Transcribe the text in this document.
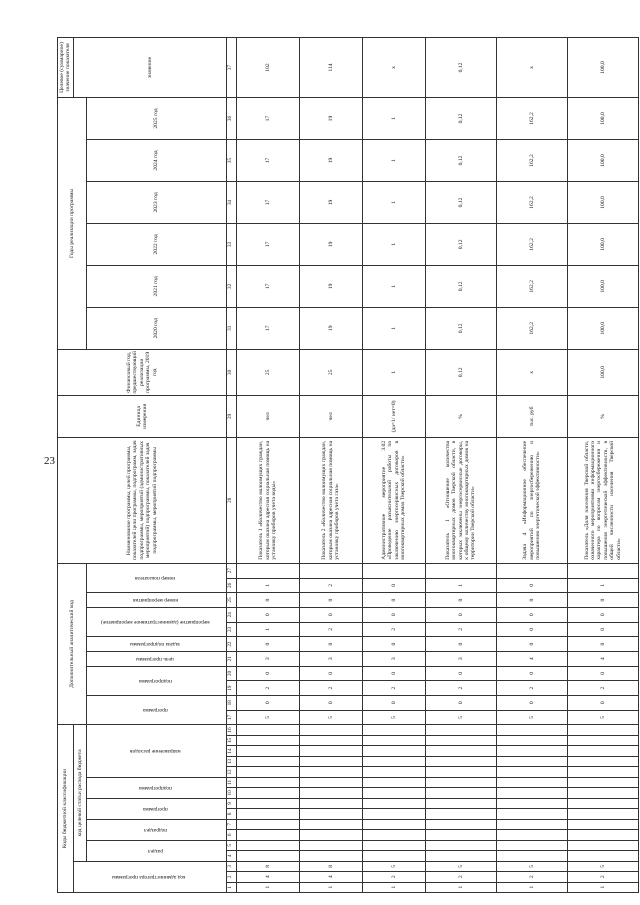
23
Коды бюджетной классификации																Дополнительный аналитический код											Наименование программы, целей программы, показателей цели программы, подпрограмм, задач подпрограммы, мероприятий (административных мероприятий) подпрограммы, показателей задач подпрограммы, мероприятий подпрограммы	Единица измерения	Финансовый год, предшествующий реализации программы, 2019 год	Годы реализации программы						Целевое (суммарное) значение показателя
код администратора программы			код целевой статьи расхода бюджета																																	значение
			раздел		подраздел		программа		подпрограмма		направление расходов					программа		подпрограмма		цель программы	задача подпрограммы	мероприятие (административное мероприятие)		номер мероприятия	номер показателя					2020 год	2021 год	2022 год	2023 год	2024 год	2025 год	
1	2	3	4	5	6	7	8	9	10	11	12	13	14	15	16	17	18	19	20	21	22	23	24	25	26	27	28	29	30	31	32	33	34	35	36	37
1	4	8														5	0	2	0	3	0	1	0	0	1		Показатель 1 «Количество малоимущих граждан, которым оказана адресная социальная помощь на установку приборов учета воды»	чел	25	17	17	17	17	17	17	102
1	4	8														5	0	2	0	3	0	2	0	0	2		Показатель 2 «Количество малоимущих граждан, которым оказана адресная социальная помощь на установку приборов учета газа»	чел	25	19	19	19	19	19	19	114
1	2	5														5	0	2	0	3	0	2	0	0	0		Административное мероприятие 3.02 «Проведение разъяснительной работы по заключению энергосервисных договоров в многоквартирных домах Тверской области»	(да=1/ нет=0)	1	1	1	1	1	1	1	x
1	2	5														5	0	2	0	3	0	2	0	0	1		Показатель 1 «Отношение количества многоквартирных домов Тверской области, в которых заключены энергосервисные договоры, к общему количеству многоквартирных домов на территории Тверской области»	%	0,12	0,12	0,12	0,12	0,12	0,12	0,12	0,12
1	2	5														5	0	2	0	4	0	0	0	0	0		Задача 4 «Информационное обеспечение мероприятий по энергосбережению и повышению энергетической эффективности»	тыс. руб	x	162,2	162,2	162,2	162,2	162,2	162,2	x
1	2	5														5	0	2	0	4	0	0	0	0	1		Показатель «Доля населения Тверской области, охваченного мероприятиями информационного характера по вопросам энергосбережения и повышения энергетической эффективности, в общей численности населения Тверской области»	%	100,0	100,0	100,0	100,0	100,0	100,0	100,0	100,0
